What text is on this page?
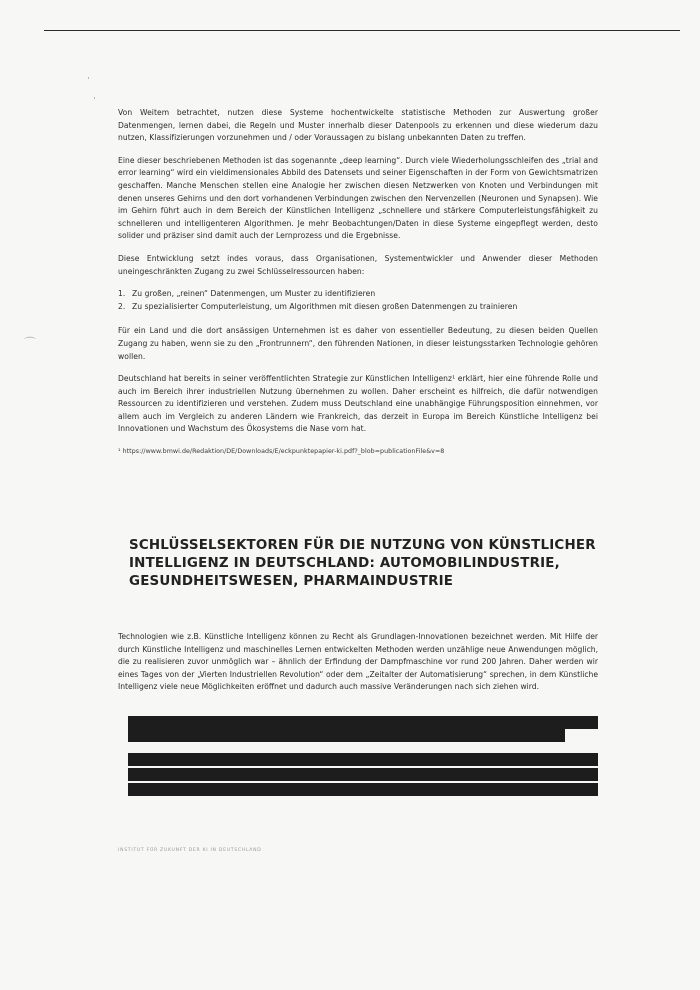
·
·
⌒

Von Weitem betrachtet, nutzen diese Systeme hochentwickelte statistische Methoden zur Auswertung großer Datenmengen, lernen dabei, die Regeln und Muster innerhalb dieser Datenpools zu erkennen und diese wiederum dazu nutzen, Klassifizierungen vorzunehmen und / oder Voraussagen zu bislang unbekannten Daten zu treffen.

Eine dieser beschriebenen Methoden ist das sogenannte „deep learning“. Durch viele Wiederholungsschleifen des „trial and error learning“ wird ein vieldimensionales Abbild des Datensets und seiner Eigenschaften in der Form von Gewichtsmatrizen geschaffen. Manche Menschen stellen eine Analogie her zwischen diesen Netzwerken von Knoten und Verbindungen mit denen unseres Gehirns und den dort vorhandenen Verbindungen zwischen den Nervenzellen (Neuronen und Synapsen). Wie im Gehirn führt auch in dem Bereich der Künstlichen Intelligenz „schnellere und stärkere Computerleistungsfähigkeit zu schnelleren und intelligenteren Algorithmen. Je mehr Beobachtungen/Daten in diese Systeme eingepflegt werden, desto solider und präziser sind damit auch der Lernprozess und die Ergebnisse.

Diese Entwicklung setzt indes voraus, dass Organisationen, Systementwickler und Anwender dieser Methoden uneingeschränkten Zugang zu zwei Schlüsselressourcen haben:

1. Zu großen, „reinen“ Datenmengen, um Muster zu identifizieren
2. Zu spezialisierter Computerleistung, um Algorithmen mit diesen großen Datenmengen zu trainieren

Für ein Land und die dort ansässigen Unternehmen ist es daher von essentieller Bedeutung, zu diesen beiden Quellen Zugang zu haben, wenn sie zu den „Frontrunnern“, den führenden Nationen, in dieser leistungsstarken Technologie gehören wollen.

Deutschland hat bereits in seiner veröffentlichten Strategie zur Künstlichen Intelligenz¹ erklärt, hier eine führende Rolle und auch im Bereich ihrer industriellen Nutzung übernehmen zu wollen. Daher erscheint es hilfreich, die dafür notwendigen Ressourcen zu identifizieren und verstehen. Zudem muss Deutschland eine unabhängige Führungsposition einnehmen, vor allem auch im Vergleich zu anderen Ländern wie Frankreich, das derzeit in Europa im Bereich Künstliche Intelligenz bei Innovationen und Wachstum des Ökosystems die Nase vorn hat.

¹ https://www.bmwi.de/Redaktion/DE/Downloads/E/eckpunktepapier-ki.pdf?_blob=publicationFile&v=8
SCHLÜSSELSEKTOREN FÜR DIE NUTZUNG VON KÜNSTLICHER INTELLIGENZ IN DEUTSCHLAND: AUTOMOBILINDUSTRIE, GESUNDHEITSWESEN, PHARMAINDUSTRIE

Technologien wie z.B. Künstliche Intelligenz können zu Recht als Grundlagen-Innovationen bezeichnet werden. Mit Hilfe der durch Künstliche Intelligenz und maschinelles Lernen entwickelten Methoden werden unzählige neue Anwendungen möglich, die zu realisieren zuvor unmöglich war – ähnlich der Erfindung der Dampfmaschine vor rund 200 Jahren. Daher werden wir eines Tages von der „Vierten Industriellen Revolution“ oder dem „Zeitalter der Automatisierung“ sprechen, in dem Künstliche Intelligenz viele neue Möglichkeiten eröffnet und dadurch auch massive Veränderungen nach sich ziehen wird.

INSTITUT FÜR ZUKUNFT DER KI IN DEUTSCHLAND
